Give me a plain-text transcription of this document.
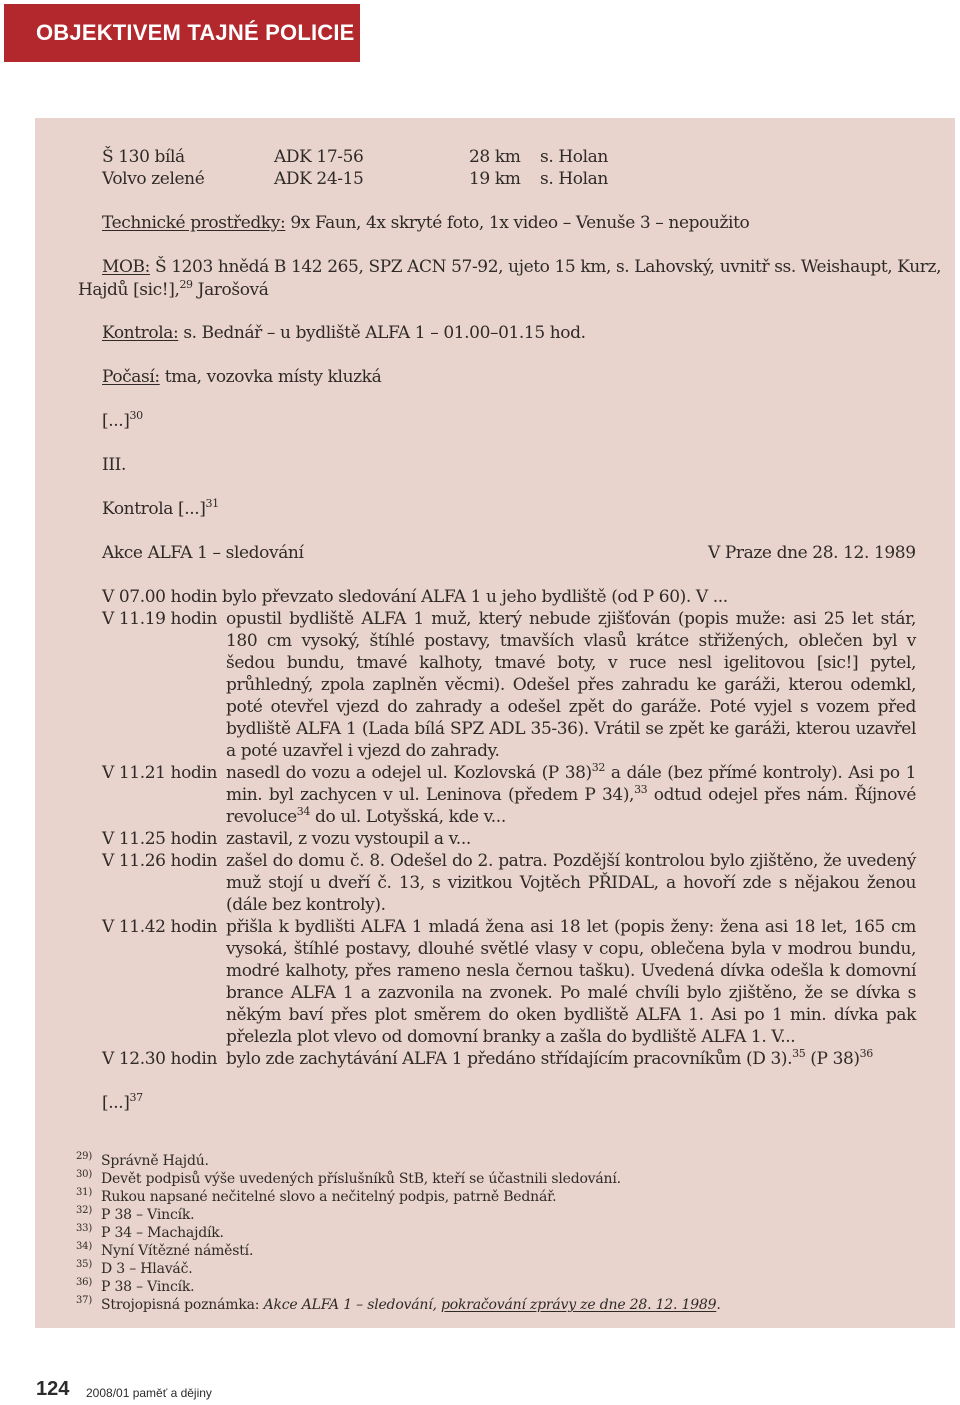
OBJEKTIVEM TAJNÉ POLICIE
Š 130 bílá	ADK 17-56	28 km s. Holan
Volvo zelené	ADK 24-15	19 km s. Holan
Technické prostředky: 9x Faun, 4x skryté foto, 1x video – Venuše 3 – nepoužito
MOB: Š 1203 hnědá B 142 265, SPZ ACN 57-92, ujeto 15 km, s. Lahovský, uvnitř ss. Weishaupt, Kurz,
Hajdů [sic!],$^{29}$ Jarošová
Kontrola: s. Bednář – u bydliště ALFA 1 – 01.00–01.15 hod.
Počasí: tma, vozovka místy kluzká
[...]$^{30}$
III.
Kontrola [...]$^{31}$
Akce ALFA 1 – sledování	V Praze dne 28. 12. 1989
V 07.00 hodin bylo převzato sledování ALFA 1 u jeho bydliště (od P 60). V ...
V 11.19 hodin opustil bydliště ALFA 1 muž, který nebude zjišťován (popis muže: asi 25 let stár, 180 cm vysoký, štíhlé postavy, tmavších vlasů krátce střižených, oblečen byl v šedou bundu, tmavé kalhoty, tmavé boty, v ruce nesl igelitovou [sic!] pytel, průhledný, zpola zaplněn věcmi). Odešel přes zahradu ke garáži, kterou odemkl, poté otevřel vjezd do zahrady a odešel zpět do garáže. Poté vyjel s vozem před bydliště ALFA 1 (Lada bílá SPZ ADL 35-36). Vrátil se zpět ke garáži, kterou uzavřel a poté uzavřel i vjezd do zahrady.
V 11.21 hodin nasedl do vozu a odejel ul. Kozlovská (P 38)$^{32}$ a dále (bez přímé kontroly). Asi po 1 min. byl zachycen v ul. Leninova (předem P 34),$^{33}$ odtud odejel přes nám. Říjnové revoluce$^{34}$ do ul. Lotyšská, kde v...
V 11.25 hodin zastavil, z vozu vystoupil a v...
V 11.26 hodin zašel do domu č. 8. Odešel do 2. patra. Pozdější kontrolou bylo zjištěno, že uvedený muž stojí u dveří č. 13, s vizitkou Vojtěch PŘIDAL, a hovoří zde s nějakou ženou (dále bez kontroly).
V 11.42 hodin přišla k bydlišti ALFA 1 mladá žena asi 18 let (popis ženy: žena asi 18 let, 165 cm vysoká, štíhlé postavy, dlouhé světlé vlasy v copu, oblečena byla v modrou bundu, modré kalhoty, přes rameno nesla černou tašku). Uvedená dívka odešla k domovní brance ALFA 1 a zazvonila na zvonek. Po malé chvíli bylo zjištěno, že se dívka s někým baví přes plot směrem do oken bydliště ALFA 1. Asi po 1 min. dívka pak přelezla plot vlevo od domovní branky a zašla do bydliště ALFA 1. V...
V 12.30 hodin bylo zde zachytávání ALFA 1 předáno střídajícím pracovníkům (D 3).$^{35}$ (P 38)$^{36}$
[...]$^{37}$
29) Správně Hajdú.
30) Devět podpisů výše uvedených příslušníků StB, kteří se účastnili sledování.
31) Rukou napsané nečitelné slovo a nečitelný podpis, patrně Bednář.
32) P 38 – Vincík.
33) P 34 – Machajdík.
34) Nyní Vítězné náměstí.
35) D 3 – Hlaváč.
36) P 38 – Vincík.
37) Strojopisná poznámka: Akce ALFA 1 – sledování, pokračování zprávy ze dne 28. 12. 1989.
124 2008/01 paměť a dějiny
